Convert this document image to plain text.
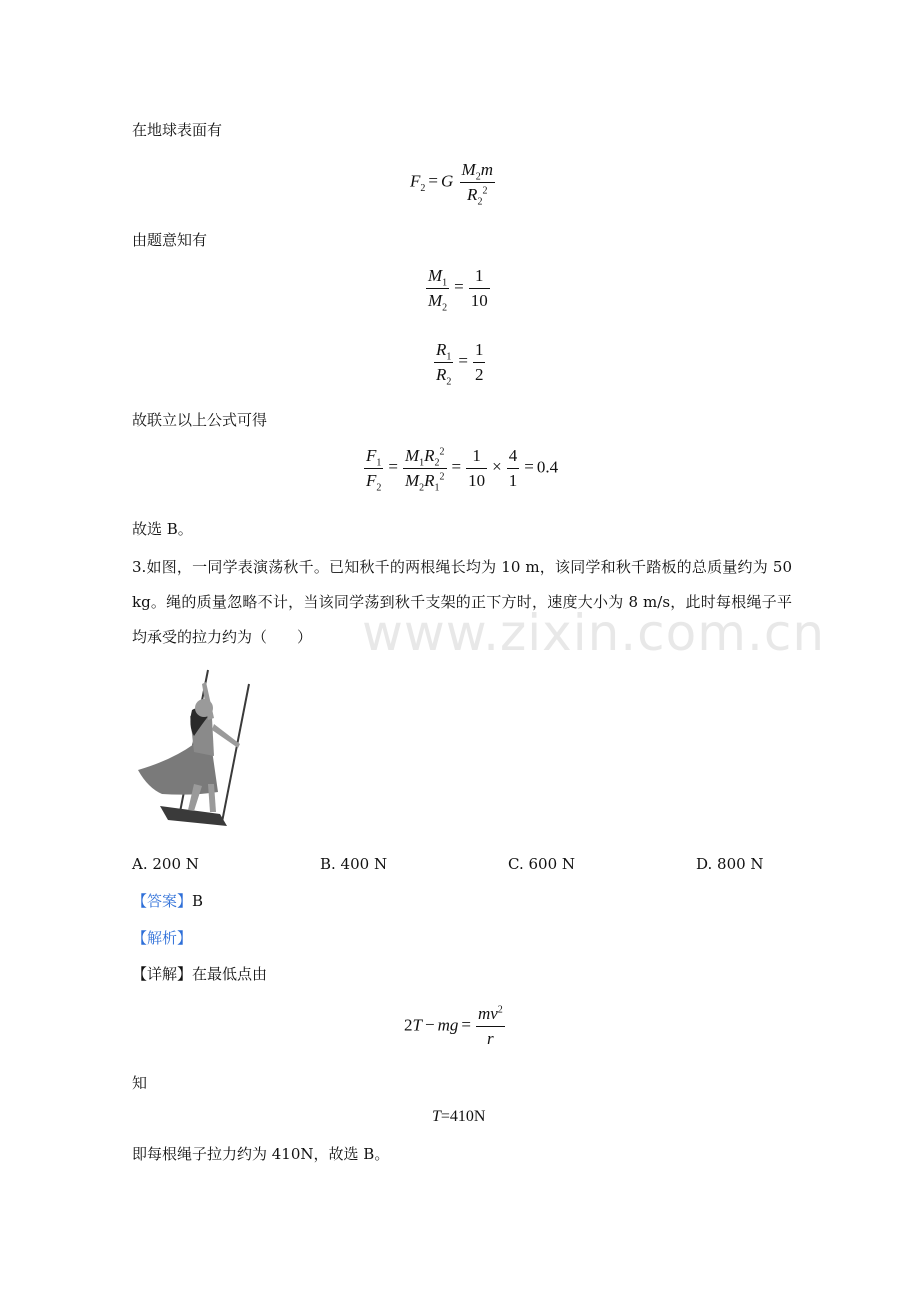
在地球表面有
$F_2 = G \frac{M_2m}{R_2^2}$
由题意知有
$\frac{M_1}{M_2} = \frac{1}{10}$
$\frac{R_1}{R_2} = \frac{1}{2}$
故联立以上公式可得
$\frac{F_1}{F_2} = \frac{M_1R_2^2}{M_2R_1^2} = \frac{1}{10} \times \frac{4}{1} = 0.4$
故选 B。
3.如图，一同学表演荡秋千。已知秋千的两根绳长均为 10 m，该同学和秋千踏板的总质量约为 50 kg。绳的质量忽略不计，当该同学荡到秋千支架的正下方时，速度大小为 8 m/s，此时每根绳子平均承受的拉力约为（　　） www.zixin.com.cn
A. 200 N	B. 400 N	C. 600 N	D. 800 N
【答案】B
【解析】
【详解】在最低点由
2T − mg = $\frac{mv^2}{r}$
知
T=410N
即每根绳子拉力约为 410N，故选 B。
